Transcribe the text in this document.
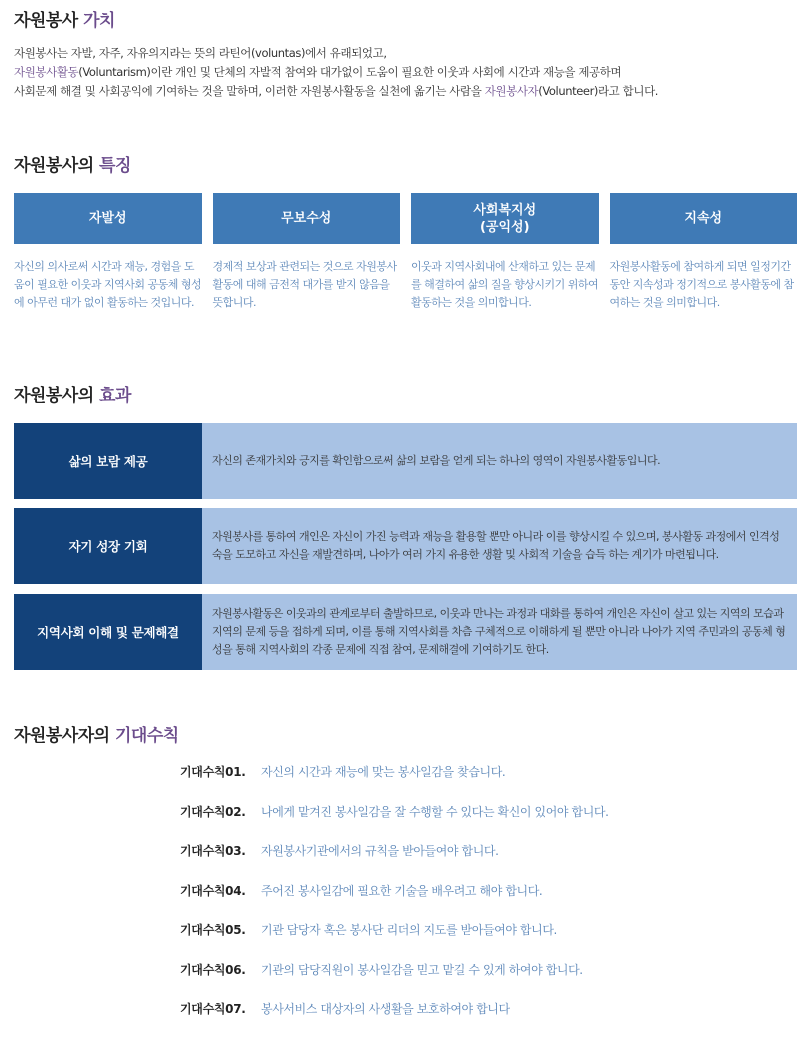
자원봉사 가치
자원봉사는 자발, 자주, 자유의지라는 뜻의 라틴어(voluntas)에서 유래되었고,
자원봉사활동(Voluntarism)이란 개인 및 단체의 자발적 참여와 대가없이 도움이 필요한 이웃과 사회에 시간과 재능을 제공하며
사회문제 해결 및 사회공익에 기여하는 것을 말하며, 이러한 자원봉사활동을 실천에 옮기는 사람을 자원봉사자(Volunteer)라고 합니다.
자원봉사의 특징
자발성
자신의 의사로써 시간과 재능, 경험을 도움이 필요한 이웃과 지역사회 공동체 형성에 아무런 대가 없이 활동하는 것입니다.
무보수성
경제적 보상과 관련되는 것으로 자원봉사활동에 대해 금전적 대가를 받지 않음을 뜻합니다.
사회복지성
(공익성)
이웃과 지역사회내에 산재하고 있는 문제를 해결하여 삶의 질을 향상시키기 위하여 활동하는 것을 의미합니다.
지속성
자원봉사활동에 참여하게 되면 일정기간동안 지속성과 정기적으로 봉사활동에 참여하는 것을 의미합니다.
자원봉사의 효과
삶의 보람 제공	자신의 존재가치와 긍지를 확인함으로써 삶의 보람을 얻게 되는 하나의 영역이 자원봉사활동입니다.
자기 성장 기회
자원봉사를 통하여 개인은 자신이 가진 능력과 재능을 활용할 뿐만 아니라 이를 향상시킬 수 있으며, 봉사활동 과정에서 인격성숙을 도모하고 자신을 재발견하며, 나아가 여러 가지 유용한 생활 및 사회적 기술을 습득 하는 계기가 마련됩니다.
지역사회 이해 및 문제해결
자원봉사활동은 이웃과의 관계로부터 출발하므로, 이웃과 만나는 과정과 대화를 통하여 개인은 자신이 살고 있는 지역의 모습과 지역의 문제 등을 접하게 되며, 이를 통해 지역사회를 차츰 구체적으로 이해하게 될 뿐만 아니라 나아가 지역 주민과의 공동체 형성을 통해 지역사회의 각종 문제에 직접 참여, 문제해결에 기여하기도 한다.
자원봉사자의 기대수칙
기대수칙01.	자신의 시간과 재능에 맞는 봉사일감을 찾습니다.
기대수칙02.	나에게 맡겨진 봉사일감을 잘 수행할 수 있다는 확신이 있어야 합니다.
기대수칙03.	자원봉사기관에서의 규칙을 받아들여야 합니다.
기대수칙04.	주어진 봉사일감에 필요한 기술을 배우려고 해야 합니다.
기대수칙05.	기관 담당자 혹은 봉사단 리더의 지도를 받아들여야 합니다.
기대수칙06.	기관의 담당직원이 봉사일감을 믿고 맡길 수 있게 하여야 합니다.
기대수칙07.	봉사서비스 대상자의 사생활을 보호하여야 합니다
